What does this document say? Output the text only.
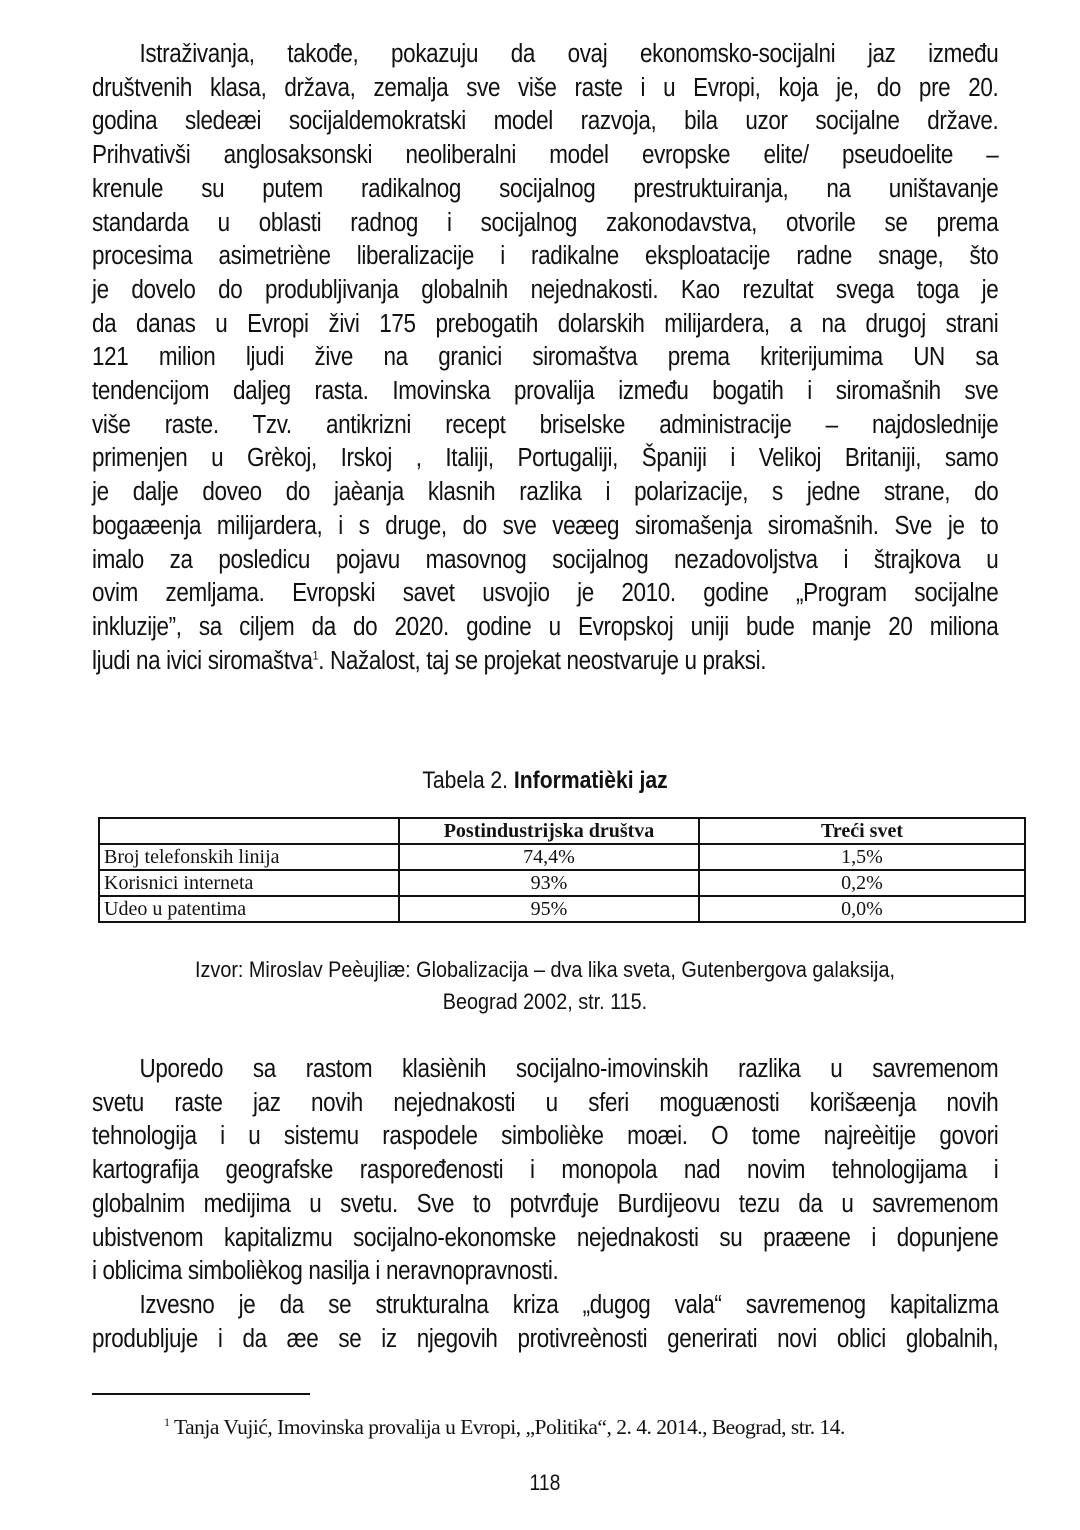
Istraživanja, takođe, pokazuju da ovaj ekonomsko-socijalni jaz između
društvenih klasa, država, zemalja sve više raste i u Evropi, koja je, do pre 20.
godina sledeæi socijaldemokratski model razvoja, bila uzor socijalne države.
Prihvativši anglosaksonski neoliberalni model evropske elite/ pseudoelite –
krenule su putem radikalnog socijalnog prestruktuiranja, na uništavanje
standarda u oblasti radnog i socijalnog zakonodavstva, otvorile se prema
procesima asimetriène liberalizacije i radikalne eksploatacije radne snage, što
je dovelo do produbljivanja globalnih nejednakosti. Kao rezultat svega toga je
da danas u Evropi živi 175 prebogatih dolarskih milijardera, a na drugoj strani
121 milion ljudi žive na granici siromaštva prema kriterijumima UN sa
tendencijom daljeg rasta. Imovinska provalija između bogatih i siromašnih sve
više raste. Tzv. antikrizni recept briselske administracije – najdoslednije
primenjen u Grèkoj, Irskoj , Italiji, Portugaliji, Španiji i Velikoj Britaniji, samo
je dalje doveo do jaèanja klasnih razlika i polarizacije, s jedne strane, do
bogaæenja milijardera, i s druge, do sve veæeg siromašenja siromašnih. Sve je to
imalo za posledicu pojavu masovnog socijalnog nezadovoljstva i štrajkova u
ovim zemljama. Evropski savet usvojio je 2010. godine „Program socijalne
inkluzije”, sa ciljem da do 2020. godine u Evropskoj uniji bude manje 20 miliona
ljudi na ivici siromaštva$^1$. Nažalost, taj se projekat neostvaruje u praksi.
Tabela 2. Informatièki jaz
	Postindustrijska društva	Treći svet
Broj telefonskih linija	74,4%	1,5%
Korisnici interneta	93%	0,2%
Udeo u patentima	95%	0,0%
Izvor: Miroslav Peèujliæ: Globalizacija – dva lika sveta, Gutenbergova galaksija,
Beograd 2002, str. 115.
Uporedo sa rastom klasiènih socijalno-imovinskih razlika u savremenom
svetu raste jaz novih nejednakosti u sferi moguænosti korišæenja novih
tehnologija i u sistemu raspodele simbolièke moæi. O tome najreèitije govori
kartografija geografske raspoređenosti i monopola nad novim tehnologijama i
globalnim medijima u svetu. Sve to potvrđuje Burdijeovu tezu da u savremenom
ubistvenom kapitalizmu socijalno-ekonomske nejednakosti su praæene i dopunjene
i oblicima simbolièkog nasilja i neravnopravnosti.
Izvesno je da se strukturalna kriza „dugog vala“ savremenog kapitalizma
produbljuje i da æe se iz njegovih protivreènosti generirati novi oblici globalnih,
$^1$ Tanja Vujić, Imovinska provalija u Evropi, „Politika“, 2. 4. 2014., Beograd, str. 14.
118
